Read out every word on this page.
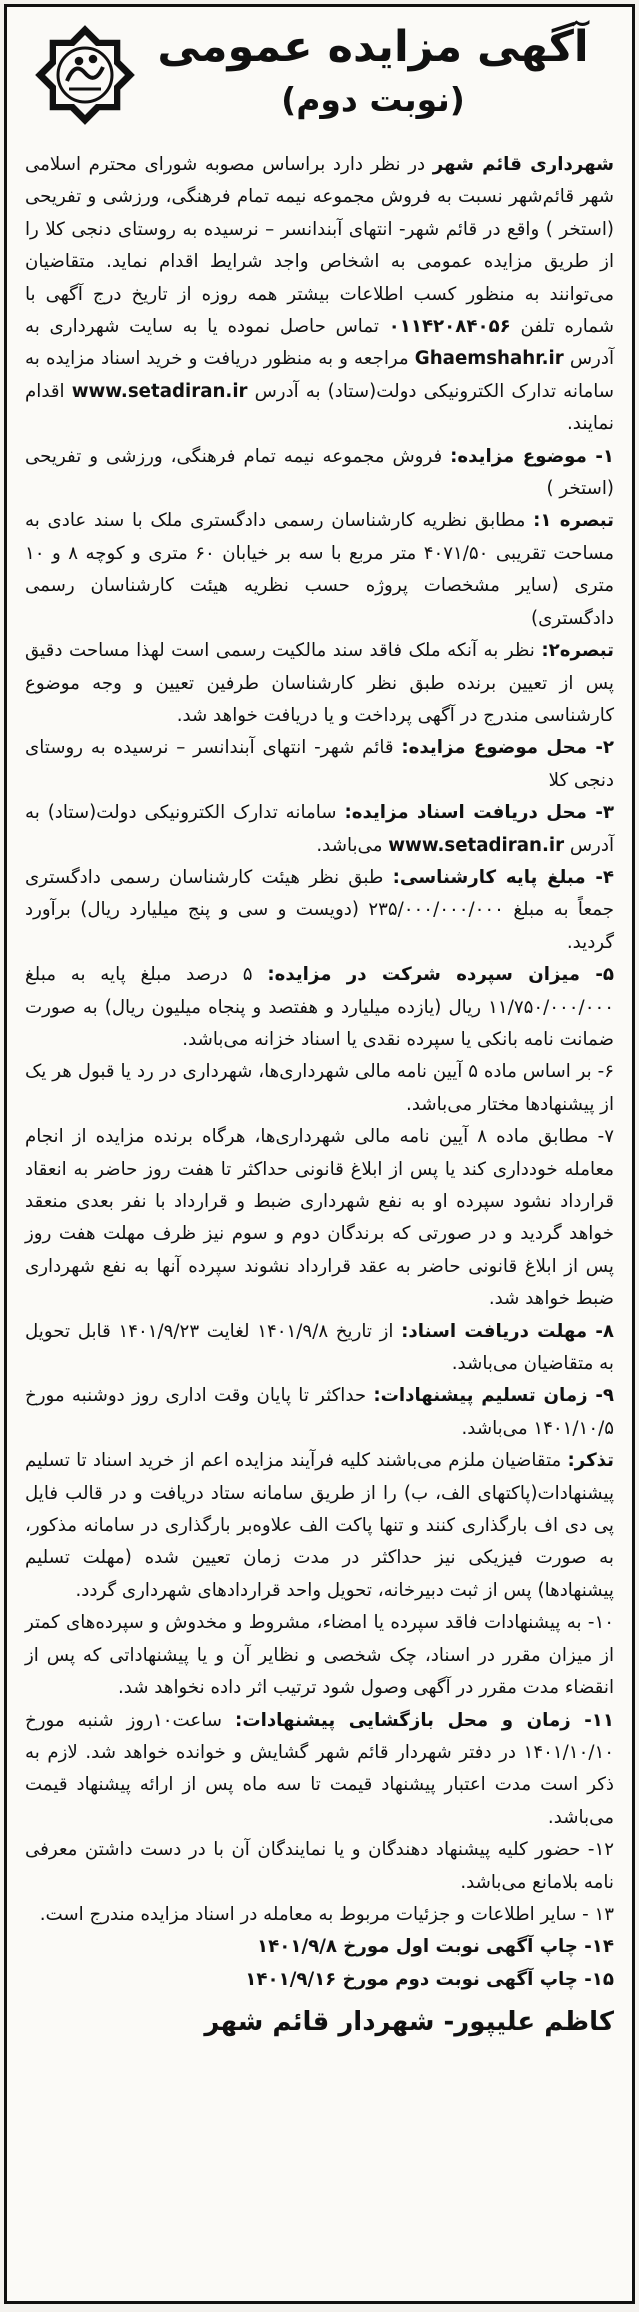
آگهی مزایده عمومی
(نوبت دوم)

شهرداری قائم شهر در نظر دارد براساس مصوبه شورای محترم اسلامی شهر قائم‌شهر نسبت به فروش مجموعه نیمه تمام فرهنگی، ورزشی و تفریحی (استخر ) واقع در قائم شهر- انتهای آبندانسر – نرسیده به روستای دنجی کلا را از طریق مزایده عمومی به اشخاص واجد شرایط اقدام نماید. متقاضیان می‌توانند به منظور کسب اطلاعات بیشتر همه روزه از تاریخ درج آگهی با شماره تلفن ۰۱۱۴۲۰۸۴۰۵۶ تماس حاصل نموده یا به سایت شهرداری به آدرس Ghaemshahr.ir مراجعه و به منظور دریافت و خرید اسناد مزایده به سامانه تدارک الکترونیکی دولت(ستاد) به آدرس www.setadiran.ir اقدام نمایند.

۱- موضوع مزایده: فروش مجموعه نیمه تمام فرهنگی، ورزشی و تفریحی (استخر )

تبصره ۱: مطابق نظریه کارشناسان رسمی دادگستری ملک با سند عادی به مساحت تقریبی ۴۰۷۱/۵۰ متر مربع با سه بر خیابان ۶۰ متری و کوچه ۸ و ۱۰ متری (سایر مشخصات پروژه حسب نظریه هیئت کارشناسان رسمی دادگستری)

تبصره۲: نظر به آنکه ملک فاقد سند مالکیت رسمی است لهذا مساحت دقیق پس از تعیین برنده طبق نظر کارشناسان طرفین تعیین و وجه موضوع کارشناسی مندرج در آگهی پرداخت و یا دریافت خواهد شد.

۲- محل موضوع مزایده: قائم شهر- انتهای آبندانسر – نرسیده به روستای دنجی کلا

۳- محل دریافت اسناد مزایده: سامانه تدارک الکترونیکی دولت(ستاد) به آدرس www.setadiran.ir می‌باشد.

۴- مبلغ پایه کارشناسی: طبق نظر هیئت کارشناسان رسمی دادگستری جمعاً به مبلغ ۲۳۵/۰۰۰/۰۰۰/۰۰۰ (دویست و سی و پنج میلیارد ریال) برآورد گردید.

۵- میزان سپرده شرکت در مزایده: ۵ درصد مبلغ پایه به مبلغ ۱۱/۷۵۰/۰۰۰/۰۰۰ ریال (یازده میلیارد و هفتصد و پنجاه میلیون ریال) به صورت ضمانت نامه بانکی یا سپرده نقدی یا اسناد خزانه می‌باشد.

۶- بر اساس ماده ۵ آیین نامه مالی شهرداری‌ها، شهرداری در رد یا قبول هر یک از پیشنهادها مختار می‌باشد.

۷- مطابق ماده ۸ آیین نامه مالی شهرداری‌ها، هرگاه برنده مزایده از انجام معامله خودداری کند یا پس از ابلاغ قانونی حداکثر تا هفت روز حاضر به انعقاد قرارداد نشود سپرده او به نفع شهرداری ضبط و قرارداد با نفر بعدی منعقد خواهد گردید و در صورتی که برندگان دوم و سوم نیز ظرف مهلت هفت روز پس از ابلاغ قانونی حاضر به عقد قرارداد نشوند سپرده آنها به نفع شهرداری ضبط خواهد شد.

۸- مهلت دریافت اسناد: از تاریخ ۱۴۰۱/۹/۸ لغایت ۱۴۰۱/۹/۲۳ قابل تحویل به متقاضیان می‌باشد.

۹- زمان تسلیم پیشنهادات: حداکثر تا پایان وقت اداری روز دوشنبه مورخ ۱۴۰۱/۱۰/۵ می‌باشد.

تذکر: متقاضیان ملزم می‌باشند کلیه فرآیند مزایده اعم از خرید اسناد تا تسلیم پیشنهادات(پاکتهای الف، ب) را از طریق سامانه ستاد دریافت و در قالب فایل پی دی اف بارگذاری کنند و تنها پاکت الف علاوه‌بر بارگذاری در سامانه مذکور، به صورت فیزیکی نیز حداکثر در مدت زمان تعیین شده (مهلت تسلیم پیشنهادها) پس از ثبت دبیرخانه، تحویل واحد قراردادهای شهرداری گردد.

۱۰- به پیشنهادات فاقد سپرده یا امضاء، مشروط و مخدوش و سپرده‌های کمتر از میزان مقرر در اسناد، چک شخصی و نظایر آن و یا پیشنهاداتی که پس از انقضاء مدت مقرر در آگهی وصول شود ترتیب اثر داده نخواهد شد.

۱۱- زمان و محل بازگشایی پیشنهادات: ساعت۱۰روز شنبه مورخ ۱۴۰۱/۱۰/۱۰ در دفتر شهردار قائم شهر گشایش و خوانده خواهد شد. لازم به ذکر است مدت اعتبار پیشنهاد قیمت تا سه ماه پس از ارائه پیشنهاد قیمت می‌باشد.

۱۲- حضور کلیه پیشنهاد دهندگان و یا نمایندگان آن با در دست داشتن معرفی نامه بلامانع می‌باشد.

۱۳ - سایر اطلاعات و جزئیات مربوط به معامله در اسناد مزایده مندرج است.

۱۴- چاپ آگهی نوبت اول مورخ ۱۴۰۱/۹/۸

۱۵- چاپ آگهی نوبت دوم مورخ ۱۴۰۱/۹/۱۶

کاظم علیپور- شهردار قائم شهر
